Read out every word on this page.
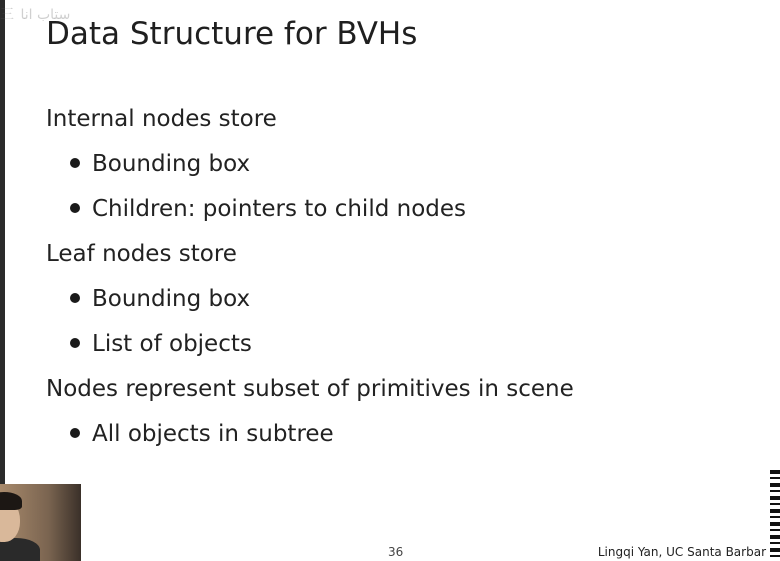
三 ستاب انا
Data Structure for BVHs
Internal nodes store
Bounding box
Children: pointers to child nodes
Leaf nodes store
Bounding box
List of objects
Nodes represent subset of primitives in scene
All objects in subtree
36	Lingqi Yan, UC Santa Barbar
